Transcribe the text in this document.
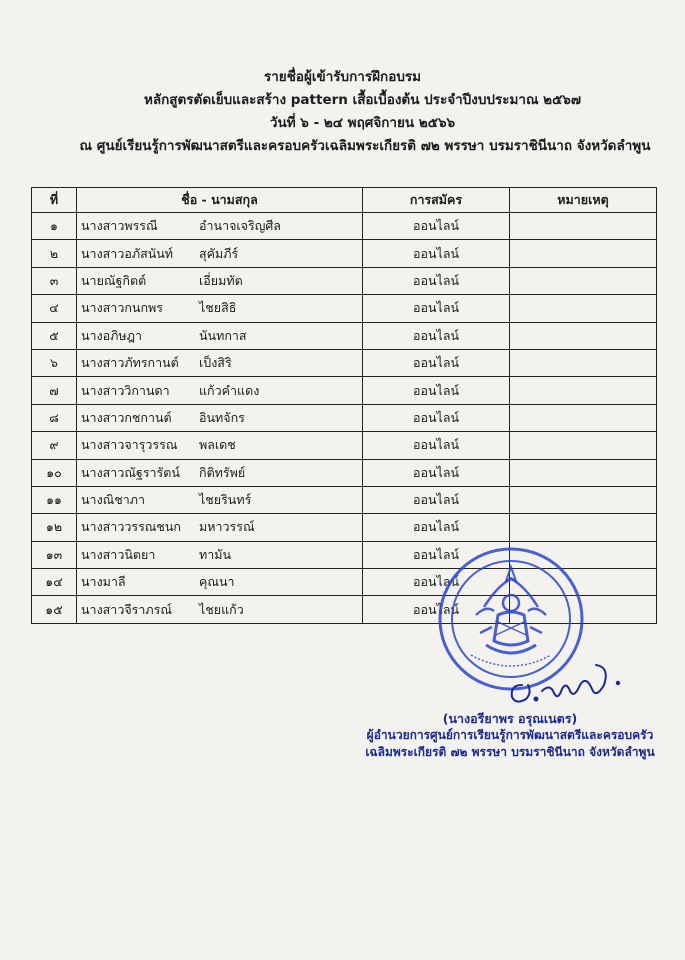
รายชื่อผู้เข้ารับการฝึกอบรม
หลักสูตรตัดเย็บและสร้าง pattern เสื้อเบื้องต้น ประจำปีงบประมาณ ๒๕๖๗
วันที่ ๖ - ๒๔ พฤศจิกายน ๒๕๖๖
ณ ศูนย์เรียนรู้การพัฒนาสตรีและครอบครัวเฉลิมพระเกียรติ ๗๒ พรรษา บรมราชินีนาถ จังหวัดลำพูน
ที่	ชื่อ - นามสกุล	การสมัคร	หมายเหตุ
๑	นางสาวพรรณี อำนาจเจริญศีล	ออนไลน์	
๒	นางสาวอภัสนันท์ สุคัมภีร์	ออนไลน์	
๓	นายณัฐกิตต์ เอี่ยมทัต	ออนไลน์	
๔	นางสาวกนกพร ไชยสิธิ	ออนไลน์	
๕	นางอภิษฎา นันทกาส	ออนไลน์	
๖	นางสาวภัทรกานต์ เป็งสิริ	ออนไลน์	
๗	นางสาววิกานดา แก้วคำแดง	ออนไลน์	
๘	นางสาวกชกานต์ อินทจักร	ออนไลน์	
๙	นางสาวจารุวรรณ พลเดช	ออนไลน์	
๑๐	นางสาวณัฐรารัตน์ กิติทรัพย์	ออนไลน์	
๑๑	นางณิชาภา ไชยรินทร์	ออนไลน์	
๑๒	นางสาววรรณชนก มหาวรรณ์	ออนไลน์	
๑๓	นางสาวนิตยา ทามัน	ออนไลน์	
๑๔	นางมาลี คุณนา	ออนไลน์	
๑๕	นางสาวจีราภรณ์ ไชยแก้ว	ออนไลน์	
(นางอรียาพร อรุณเนตร)
ผู้อำนวยการศูนย์การเรียนรู้การพัฒนาสตรีและครอบครัว
เฉลิมพระเกียรติ ๗๒ พรรษา บรมราชินีนาถ จังหวัดลำพูน
